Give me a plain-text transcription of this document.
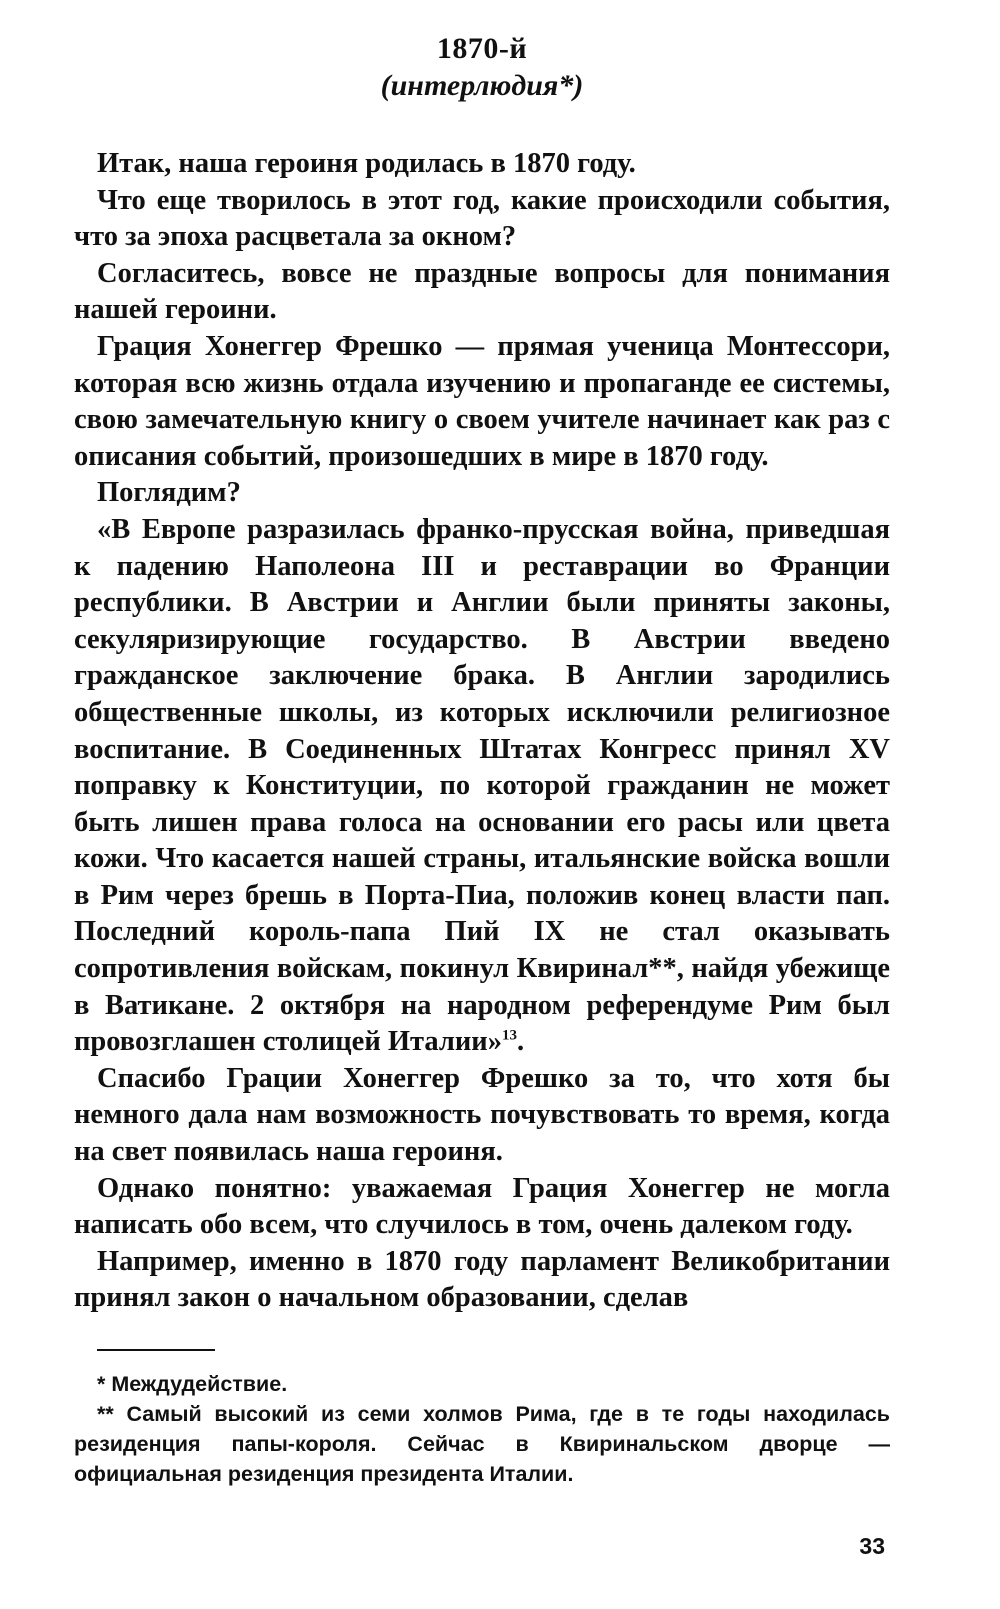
1870-й
(интерлюдия*)

Итак, наша героиня родилась в 1870 году.

Что еще творилось в этот год, какие происходили события, что за эпоха расцветала за окном?

Согласитесь, вовсе не праздные вопросы для понимания нашей героини.

Грация Хонеггер Фрешко — прямая ученица Монтессори, которая всю жизнь отдала изучению и пропаганде ее системы, свою замечательную книгу о своем учителе начинает как раз с описания событий, произошедших в мире в 1870 году.

Поглядим?

«В Европе разразилась франко-прусская война, приведшая к падению Наполеона III и реставрации во Франции республики. В Австрии и Англии были приняты законы, секуляризирующие государство. В Австрии введено гражданское заключение брака. В Англии зародились общественные школы, из которых исключили религиозное воспитание. В Соединенных Штатах Конгресс принял XV поправку к Конституции, по которой гражданин не может быть лишен права голоса на основании его расы или цвета кожи. Что касается нашей страны, итальянские войска вошли в Рим через брешь в Порта-Пиа, положив конец власти пап. Последний король-папа Пий IX не стал оказывать сопротивления войскам, покинул Квиринал**, найдя убежище в Ватикане. 2 октября на народном референдуме Рим был провозглашен столицей Италии»$^{13}$.

Спасибо Грации Хонеггер Фрешко за то, что хотя бы немного дала нам возможность почувствовать то время, когда на свет появилась наша героиня.

Однако понятно: уважаемая Грация Хонеггер не могла написать обо всем, что случилось в том, очень далеком году.

Например, именно в 1870 году парламент Великобритании принял закон о начальном образовании, сделав

* Междудействие.

** Самый высокий из семи холмов Рима, где в те годы находилась резиденция папы-короля. Сейчас в Квиринальском дворце — официальная резиденция президента Италии.

33
